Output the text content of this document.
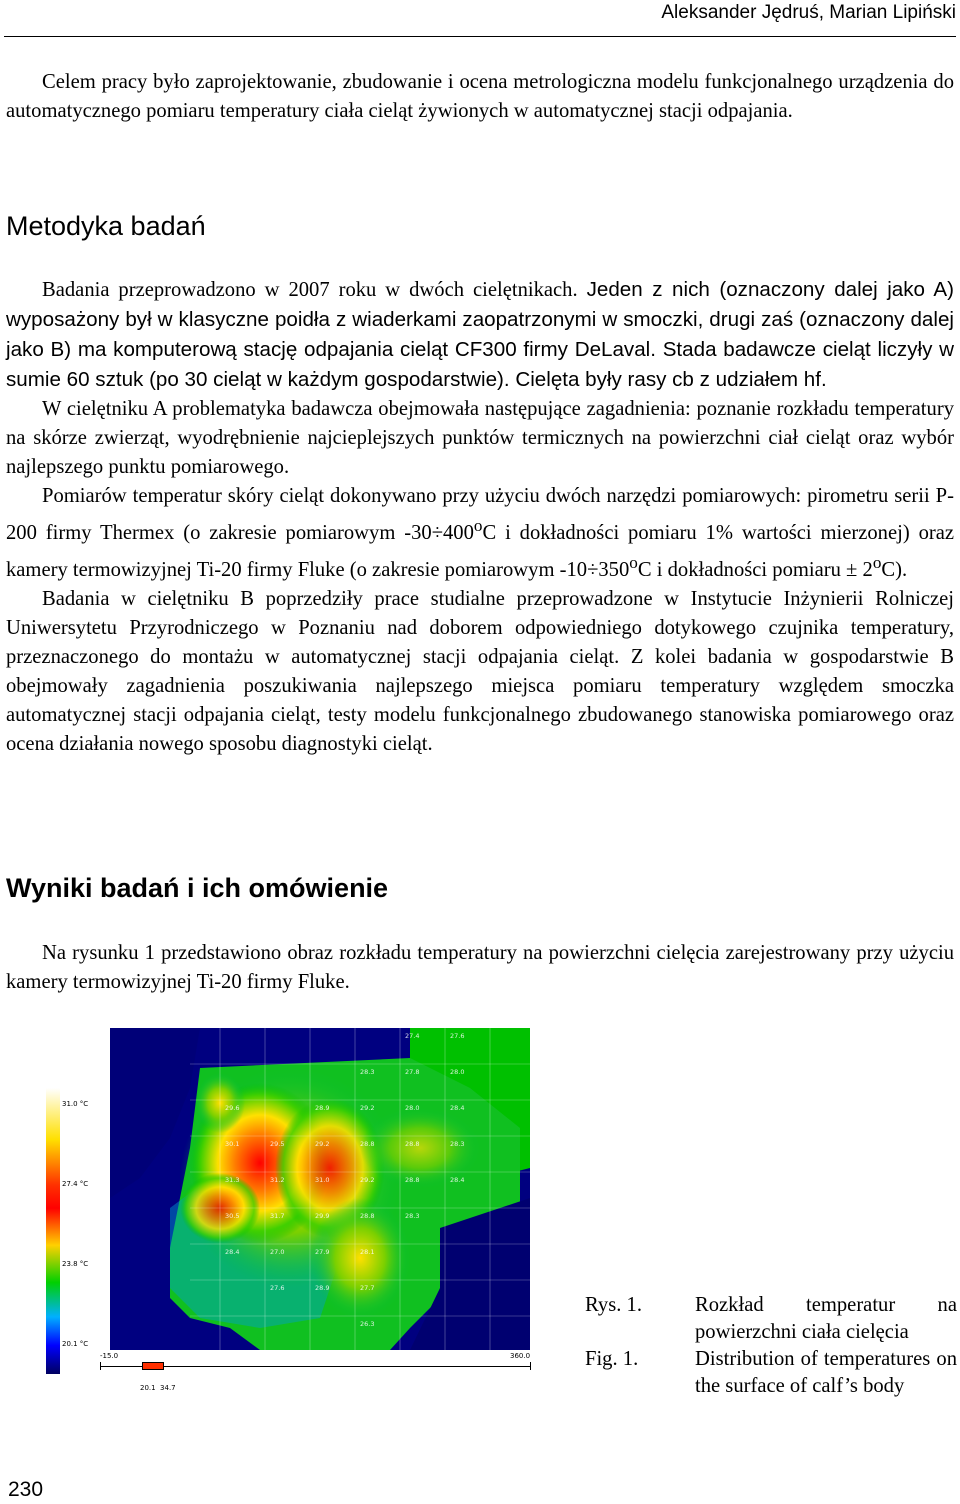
Aleksander Jędruś, Marian Lipiński

Celem pracy było zaprojektowanie, zbudowanie i ocena metrologiczna modelu funkcjonalnego urządzenia do automatycznego pomiaru temperatury ciała cieląt żywionych w automatycznej stacji odpajania.

Metodyka badań

Badania przeprowadzono w 2007 roku w dwóch cielętnikach. Jeden z nich (oznaczony dalej jako A) wyposażony był w klasyczne poidła z wiaderkami zaopatrzonymi w smoczki, drugi zaś (oznaczony dalej jako B) ma komputerową stację odpajania cieląt CF300 firmy DeLaval. Stada badawcze cieląt liczyły w sumie 60 sztuk (po 30 cieląt w każdym gospodarstwie). Cielęta były rasy cb z udziałem hf.

W cielętniku A problematyka badawcza obejmowała następujące zagadnienia: poznanie rozkładu temperatury na skórze zwierząt, wyodrębnienie najcieplejszych punktów termicznych na powierzchni ciał cieląt oraz wybór najlepszego punktu pomiarowego.

Pomiarów temperatur skóry cieląt dokonywano przy użyciu dwóch narzędzi pomiarowych: pirometru serii P-200 firmy Thermex (o zakresie pomiarowym $-30\div 400^oC$ i dokładności pomiaru 1% wartości mierzonej) oraz kamery termowizyjnej Ti-20 firmy Fluke (o zakresie pomiarowym $-10\div 350^oC$ i dokładności pomiaru ± $2^oC$).

Badania w cielętniku B poprzedziły prace studialne przeprowadzone w Instytucie Inżynierii Rolniczej Uniwersytetu Przyrodniczego w Poznaniu nad doborem odpowiedniego dotykowego czujnika temperatury, przeznaczonego do montażu w automatycznej stacji odpajania cieląt. Z kolei badania w gospodarstwie B obejmowały zagadnienia poszukiwania najlepszego miejsca pomiaru temperatury względem smoczka automatycznej stacji odpajania cieląt, testy modelu funkcjonalnego zbudowanego stanowiska pomiarowego oraz ocena działania nowego sposobu diagnostyki cieląt.

Wyniki badań i ich omówienie

Na rysunku 1 przedstawiono obraz rozkładu temperatury na powierzchni cielęcia zarejestrowany przy użyciu kamery termowizyjnej Ti-20 firmy Fluke.

31.0 °C
27.4 °C
23.8 °C
20.1 °C
27.4	27.6
28.3	27.8	28.0
29.6	28.9	29.2	28.0	28.4
30.1	29.5	29.2	28.8	28.8	28.3
31.3	31.2	31.0	29.2	28.8	28.4
30.5	31.7	29.9	28.8	28.3
28.4	27.0	27.9	28.1
27.6	28.9	27.7
26.3
-15.0	360.0
20.1  34.7
Rys. 1.	Rozkład temperatur na powierzchni ciała cielęcia
Fig. 1.	Distribution of temperatures on the surface of calf’s body
230
